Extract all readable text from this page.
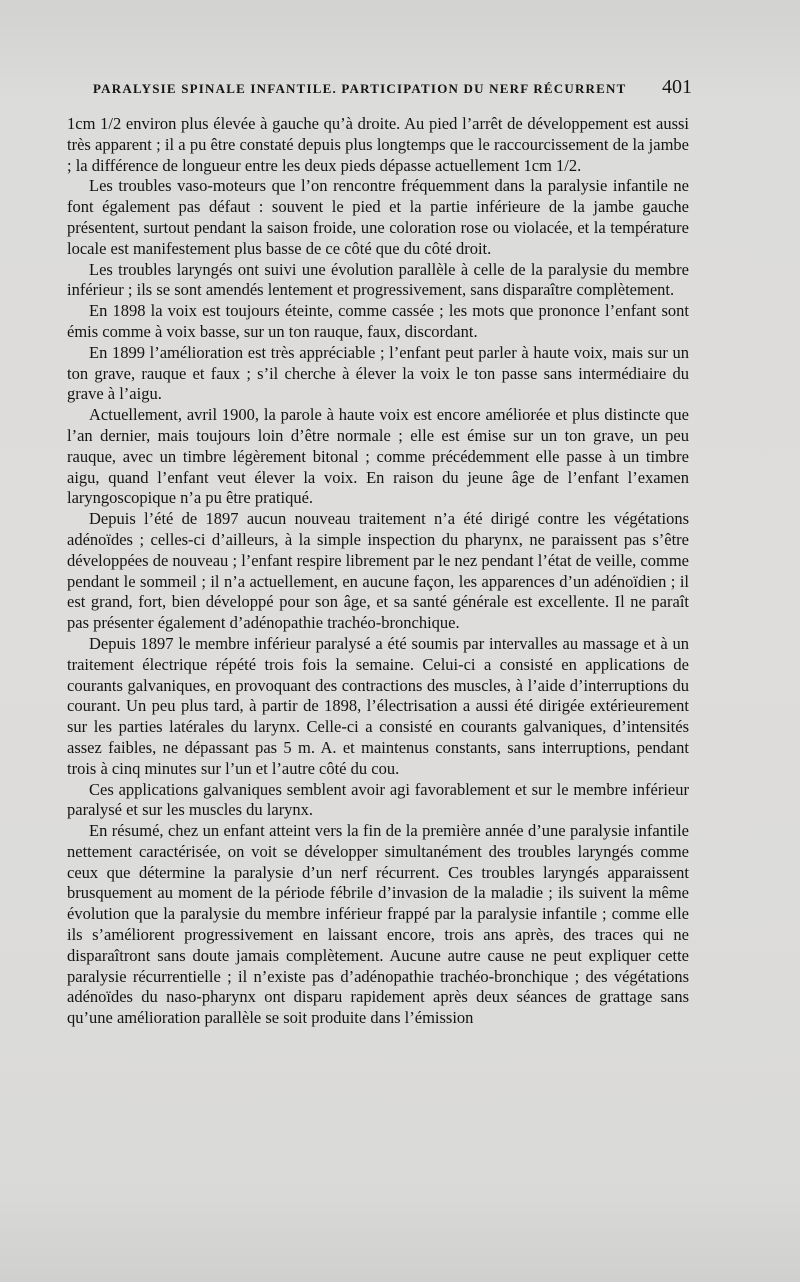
PARALYSIE SPINALE INFANTILE. PARTICIPATION DU NERF RÉCURRENT 401

1cm 1/2 environ plus élevée à gauche qu’à droite. Au pied l’arrêt de développement est aussi très apparent ; il a pu être constaté depuis plus longtemps que le raccourcissement de la jambe ; la différence de longueur entre les deux pieds dépasse actuellement 1cm 1/2.

Les troubles vaso-moteurs que l’on rencontre fréquemment dans la paralysie infantile ne font également pas défaut : souvent le pied et la partie inférieure de la jambe gauche présentent, surtout pendant la saison froide, une coloration rose ou violacée, et la température locale est manifestement plus basse de ce côté que du côté droit.

Les troubles laryngés ont suivi une évolution parallèle à celle de la paralysie du membre inférieur ; ils se sont amendés lentement et progressivement, sans disparaître complètement.

En 1898 la voix est toujours éteinte, comme cassée ; les mots que prononce l’enfant sont émis comme à voix basse, sur un ton rauque, faux, discordant.

En 1899 l’amélioration est très appréciable ; l’enfant peut parler à haute voix, mais sur un ton grave, rauque et faux ; s’il cherche à élever la voix le ton passe sans intermédiaire du grave à l’aigu.

Actuellement, avril 1900, la parole à haute voix est encore améliorée et plus distincte que l’an dernier, mais toujours loin d’être normale ; elle est émise sur un ton grave, un peu rauque, avec un timbre légèrement bitonal ; comme précédemment elle passe à un timbre aigu, quand l’enfant veut élever la voix. En raison du jeune âge de l’enfant l’examen laryngoscopique n’a pu être pratiqué.

Depuis l’été de 1897 aucun nouveau traitement n’a été dirigé contre les végétations adénoïdes ; celles-ci d’ailleurs, à la simple inspection du pharynx, ne paraissent pas s’être développées de nouveau ; l’enfant respire librement par le nez pendant l’état de veille, comme pendant le sommeil ; il n’a actuellement, en aucune façon, les apparences d’un adénoïdien ; il est grand, fort, bien développé pour son âge, et sa santé générale est excellente. Il ne paraît pas présenter également d’adénopathie trachéo-bronchique.

Depuis 1897 le membre inférieur paralysé a été soumis par intervalles au massage et à un traitement électrique répété trois fois la semaine. Celui-ci a consisté en applications de courants galvaniques, en provoquant des contractions des muscles, à l’aide d’interruptions du courant. Un peu plus tard, à partir de 1898, l’électrisation a aussi été dirigée extérieurement sur les parties latérales du larynx. Celle-ci a consisté en courants galvaniques, d’intensités assez faibles, ne dépassant pas 5 m. A. et maintenus constants, sans interruptions, pendant trois à cinq minutes sur l’un et l’autre côté du cou.

Ces applications galvaniques semblent avoir agi favorablement et sur le membre inférieur paralysé et sur les muscles du larynx.

En résumé, chez un enfant atteint vers la fin de la première année d’une paralysie infantile nettement caractérisée, on voit se développer simultanément des troubles laryngés comme ceux que détermine la paralysie d’un nerf récurrent. Ces troubles laryngés apparaissent brusquement au moment de la période fébrile d’invasion de la maladie ; ils suivent la même évolution que la paralysie du membre inférieur frappé par la paralysie infantile ; comme elle ils s’améliorent progressivement en laissant encore, trois ans après, des traces qui ne disparaîtront sans doute jamais complètement. Aucune autre cause ne peut expliquer cette paralysie récurrentielle ; il n’existe pas d’adénopathie trachéo-bronchique ; des végétations adénoïdes du naso-pharynx ont disparu rapidement après deux séances de grattage sans qu’une amélioration parallèle se soit produite dans l’émission
